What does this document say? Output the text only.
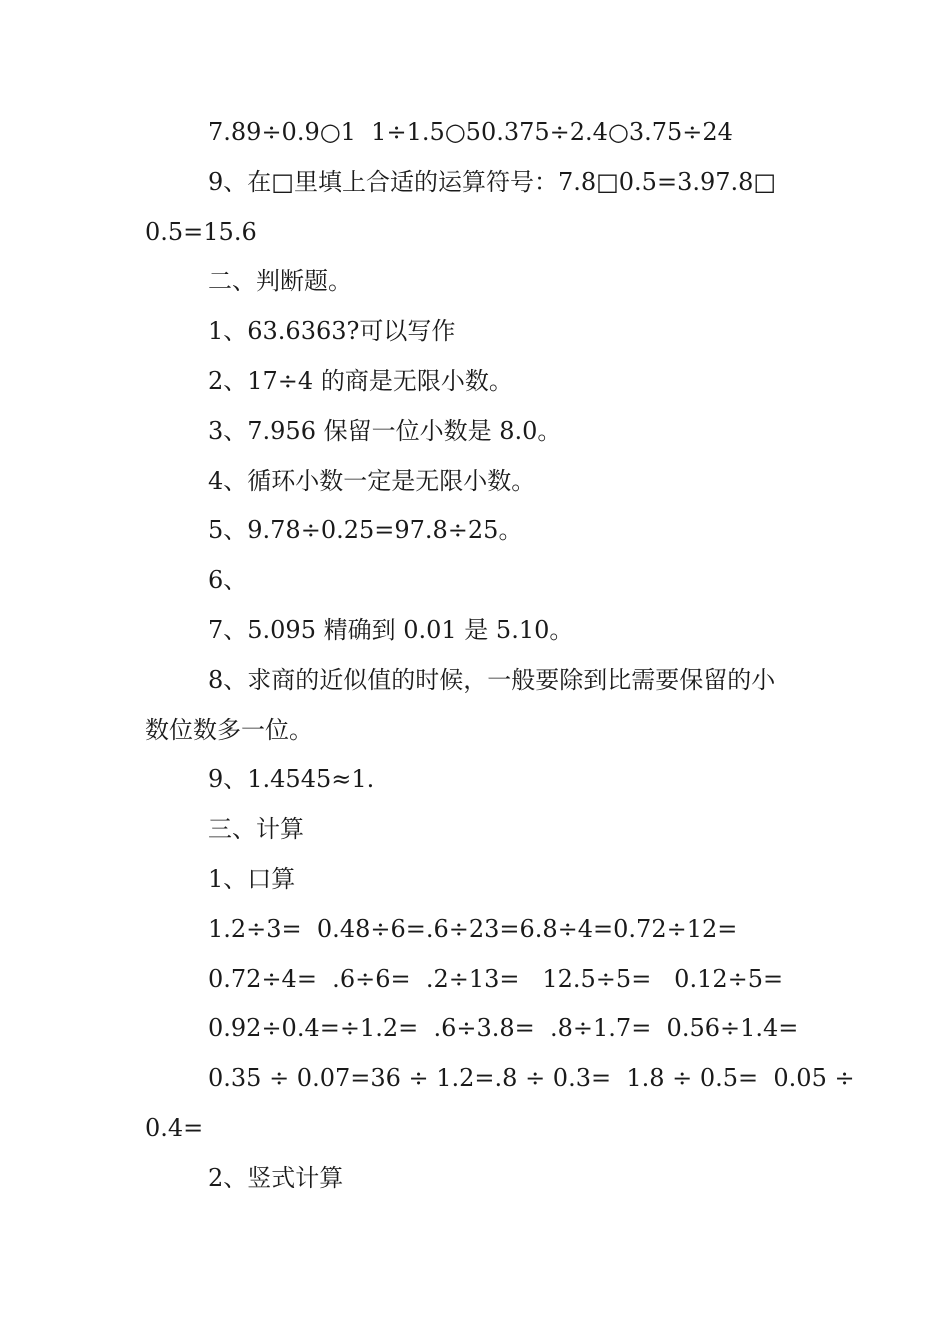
7.89÷0.9○1  1÷1.5○50.375÷2.4○3.75÷24

9、在□里填上合适的运算符号：7.8□0.5=3.97.8□

0.5=15.6

二、判断题。

1、63.6363?可以写作

2、17÷4 的商是无限小数。

3、7.956 保留一位小数是 8.0。

4、循环小数一定是无限小数。

5、9.78÷0.25=97.8÷25。

6、

7、5.095 精确到 0.01 是 5.10。

8、求商的近似值的时候，一般要除到比需要保留的小

数位数多一位。

9、1.4545≈1.

三、计算

1、口算

1.2÷3=  0.48÷6=.6÷23=6.8÷4=0.72÷12=

0.72÷4=  .6÷6=  .2÷13=   12.5÷5=   0.12÷5=

0.92÷0.4=÷1.2=  .6÷3.8=  .8÷1.7=  0.56÷1.4=

0.35 ÷ 0.07=36 ÷ 1.2=.8 ÷ 0.3=  1.8 ÷ 0.5=  0.05 ÷

0.4=

2、竖式计算
